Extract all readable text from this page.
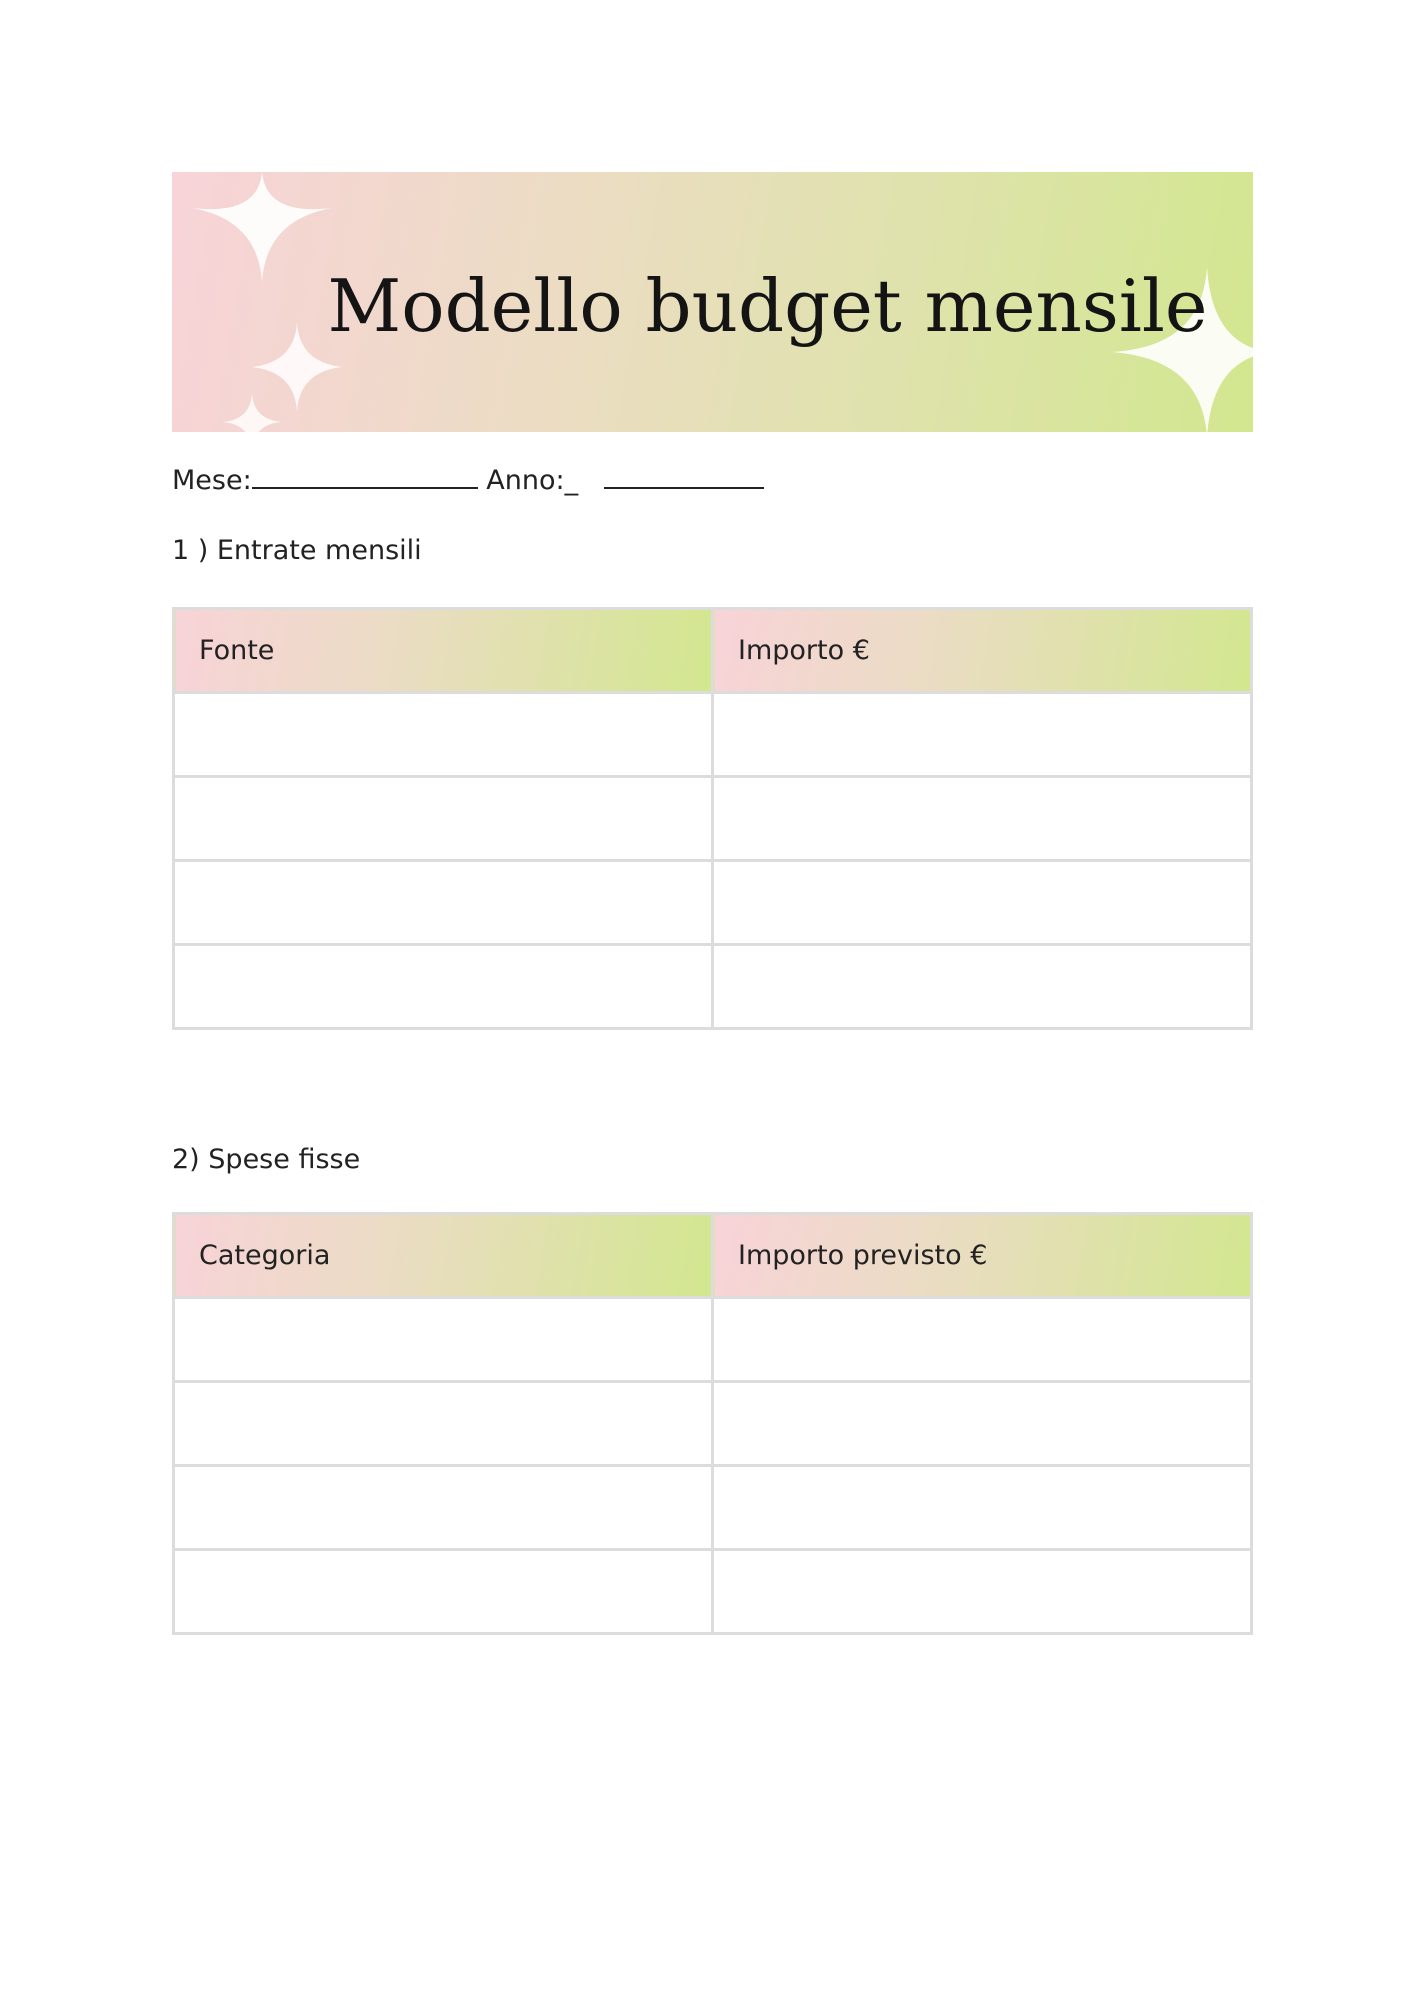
Modello budget mensile
Mese:	Anno:_
1 ) Entrate mensili
Fonte	Importo €

2) Spese fisse
Categoria	Importo previsto €
